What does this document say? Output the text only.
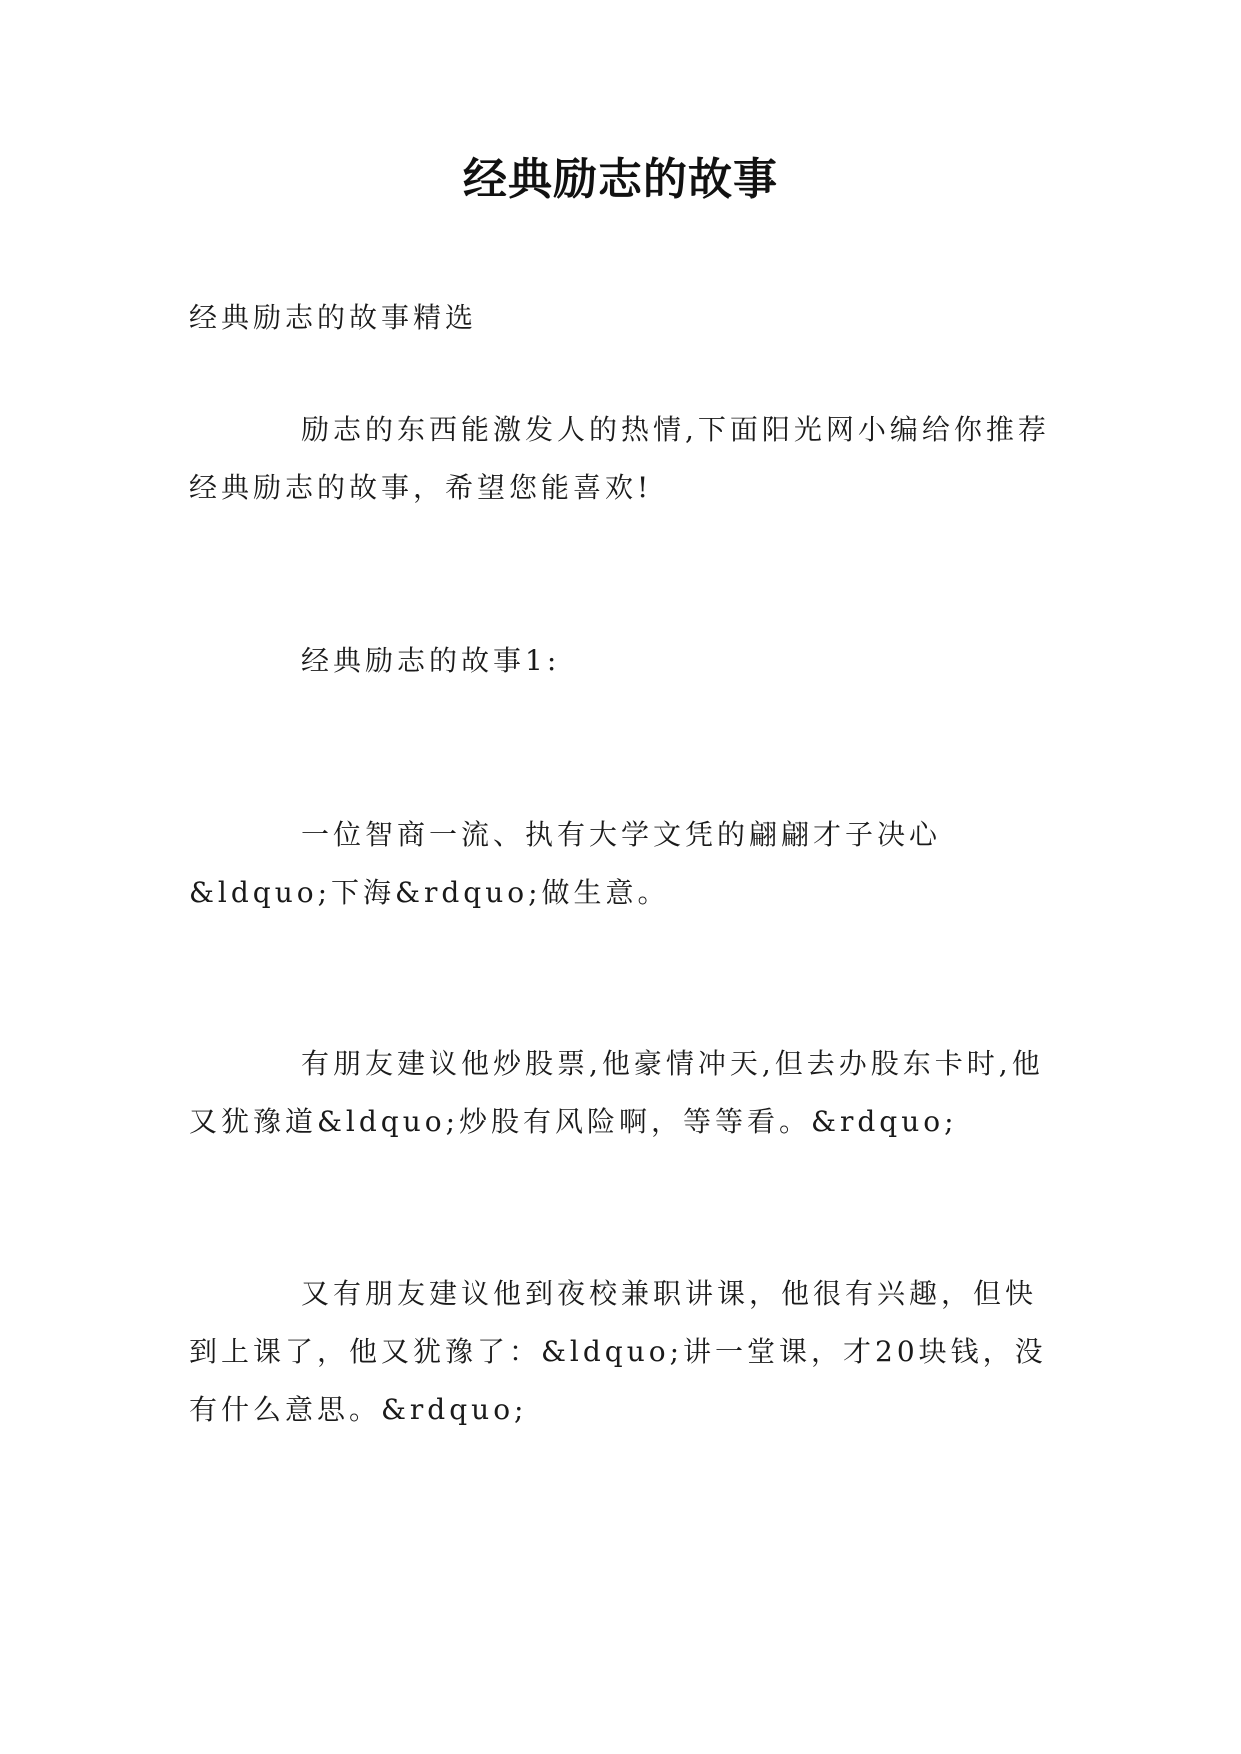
经典励志的故事

经典励志的故事精选

励志的东西能激发人的热情,下面阳光网小编给你推荐经典励志的故事，希望您能喜欢!

经典励志的故事1:

一位智商一流、执有大学文凭的翩翩才子决心&ldquo;下海&rdquo;做生意。

有朋友建议他炒股票,他豪情冲天,但去办股东卡时,他又犹豫道&ldquo;炒股有风险啊，等等看。&rdquo;

又有朋友建议他到夜校兼职讲课，他很有兴趣，但快到上课了，他又犹豫了：&ldquo;讲一堂课，才20块钱，没有什么意思。&rdquo;
